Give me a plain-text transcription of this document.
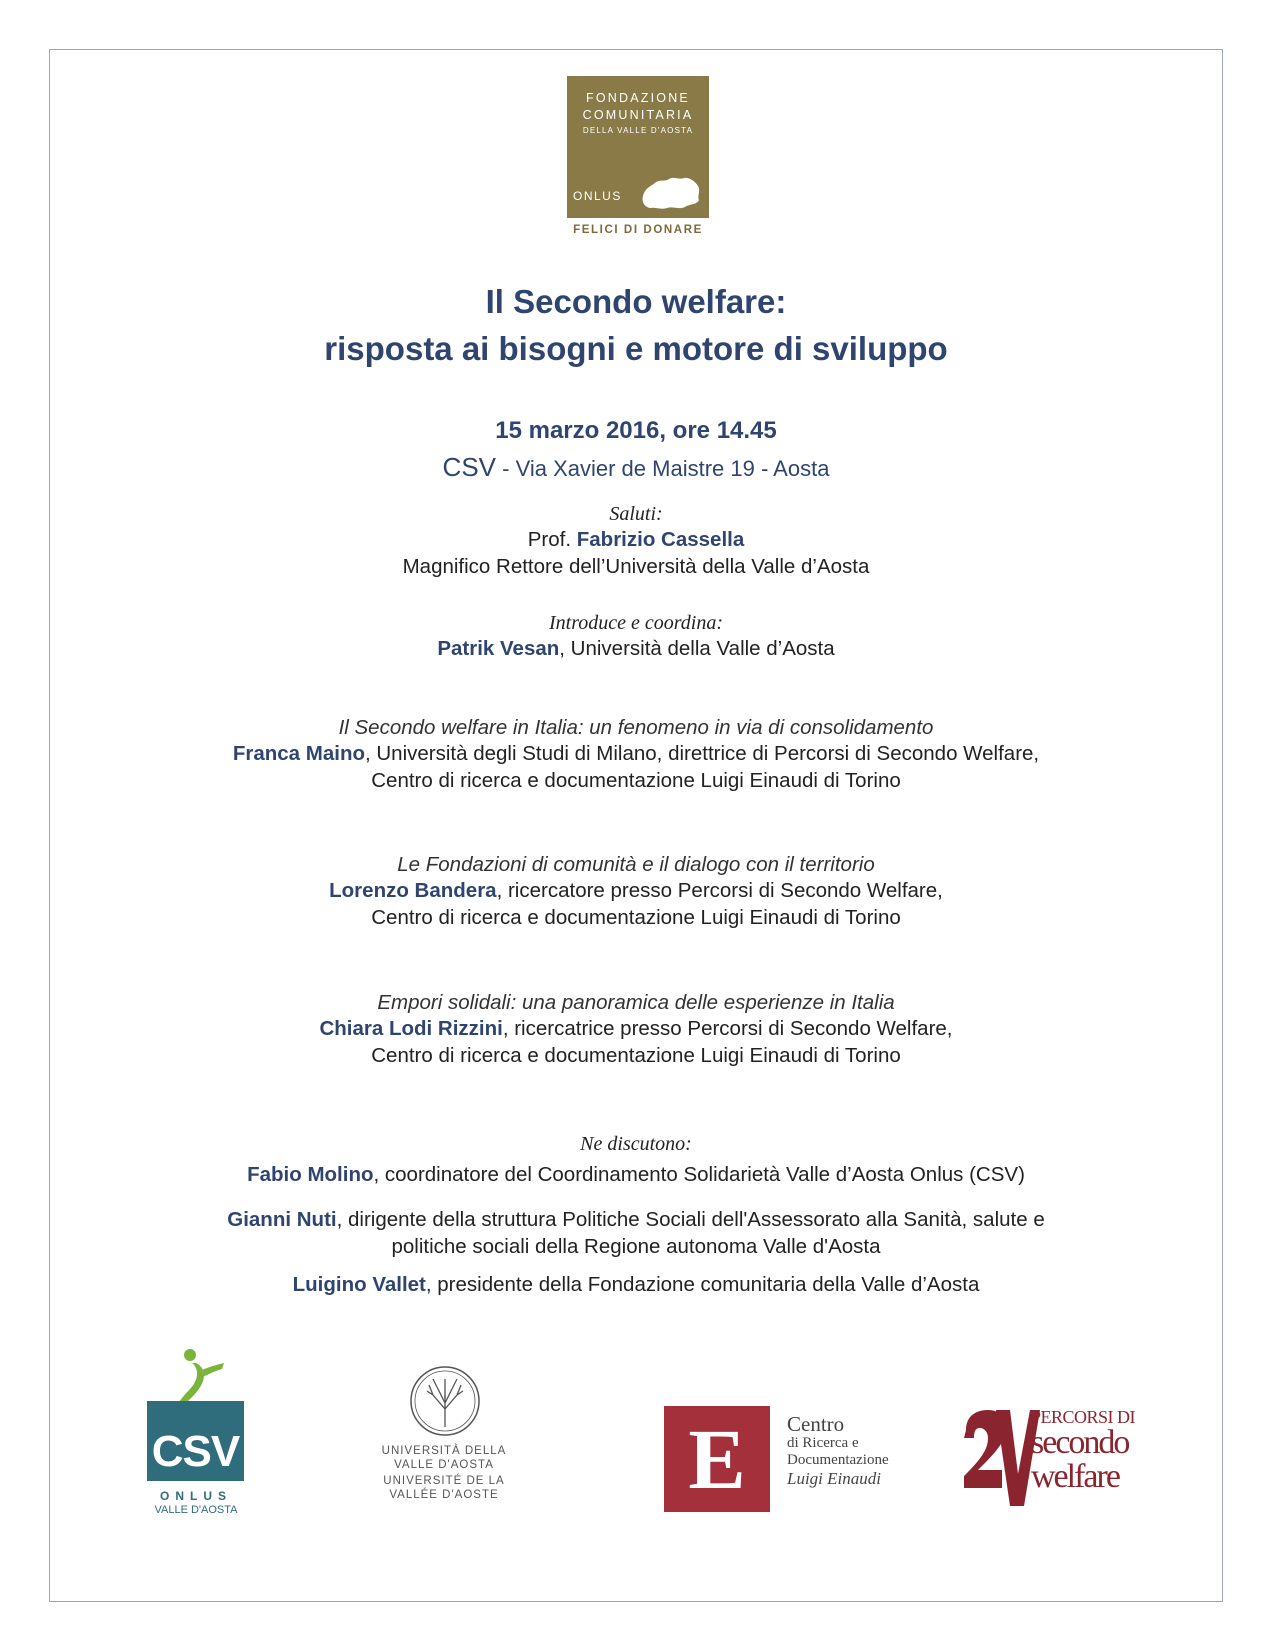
FONDAZIONE
COMUNITARIA
DELLA VALLE D'AOSTA
ONLUS
FELICI DI DONARE
Il Secondo welfare:
risposta ai bisogni e motore di sviluppo
15 marzo 2016, ore 14.45
CSV - Via Xavier de Maistre 19 - Aosta
Saluti:
Prof. Fabrizio Cassella
Magnifico Rettore dell’Università della Valle d’Aosta
Introduce e coordina:
Patrik Vesan, Università della Valle d’Aosta
Il Secondo welfare in Italia: un fenomeno in via di consolidamento
Franca Maino, Università degli Studi di Milano, direttrice di Percorsi di Secondo Welfare,
Centro di ricerca e documentazione Luigi Einaudi di Torino
Le Fondazioni di comunità e il dialogo con il territorio
Lorenzo Bandera, ricercatore presso Percorsi di Secondo Welfare,
Centro di ricerca e documentazione Luigi Einaudi di Torino
Empori solidali: una panoramica delle esperienze in Italia
Chiara Lodi Rizzini, ricercatrice presso Percorsi di Secondo Welfare,
Centro di ricerca e documentazione Luigi Einaudi di Torino
Ne discutono:
Fabio Molino, coordinatore del Coordinamento Solidarietà Valle d’Aosta Onlus (CSV)
Gianni Nuti, dirigente della struttura Politiche Sociali dell'Assessorato alla Sanità, salute e
politiche sociali della Regione autonoma Valle d'Aosta
Luigino Vallet, presidente della Fondazione comunitaria della Valle d’Aosta
CSV
ONLUS
VALLE D'AOSTA
UNIVERSITÀ DELLA
VALLE D'AOSTA
UNIVERSITÉ DE LA
VALLÉE D'AOSTE E	Centro
di Ricerca e
Documentazione
Luigi Einaudi
PERCORSI DI
secondo
welfare
